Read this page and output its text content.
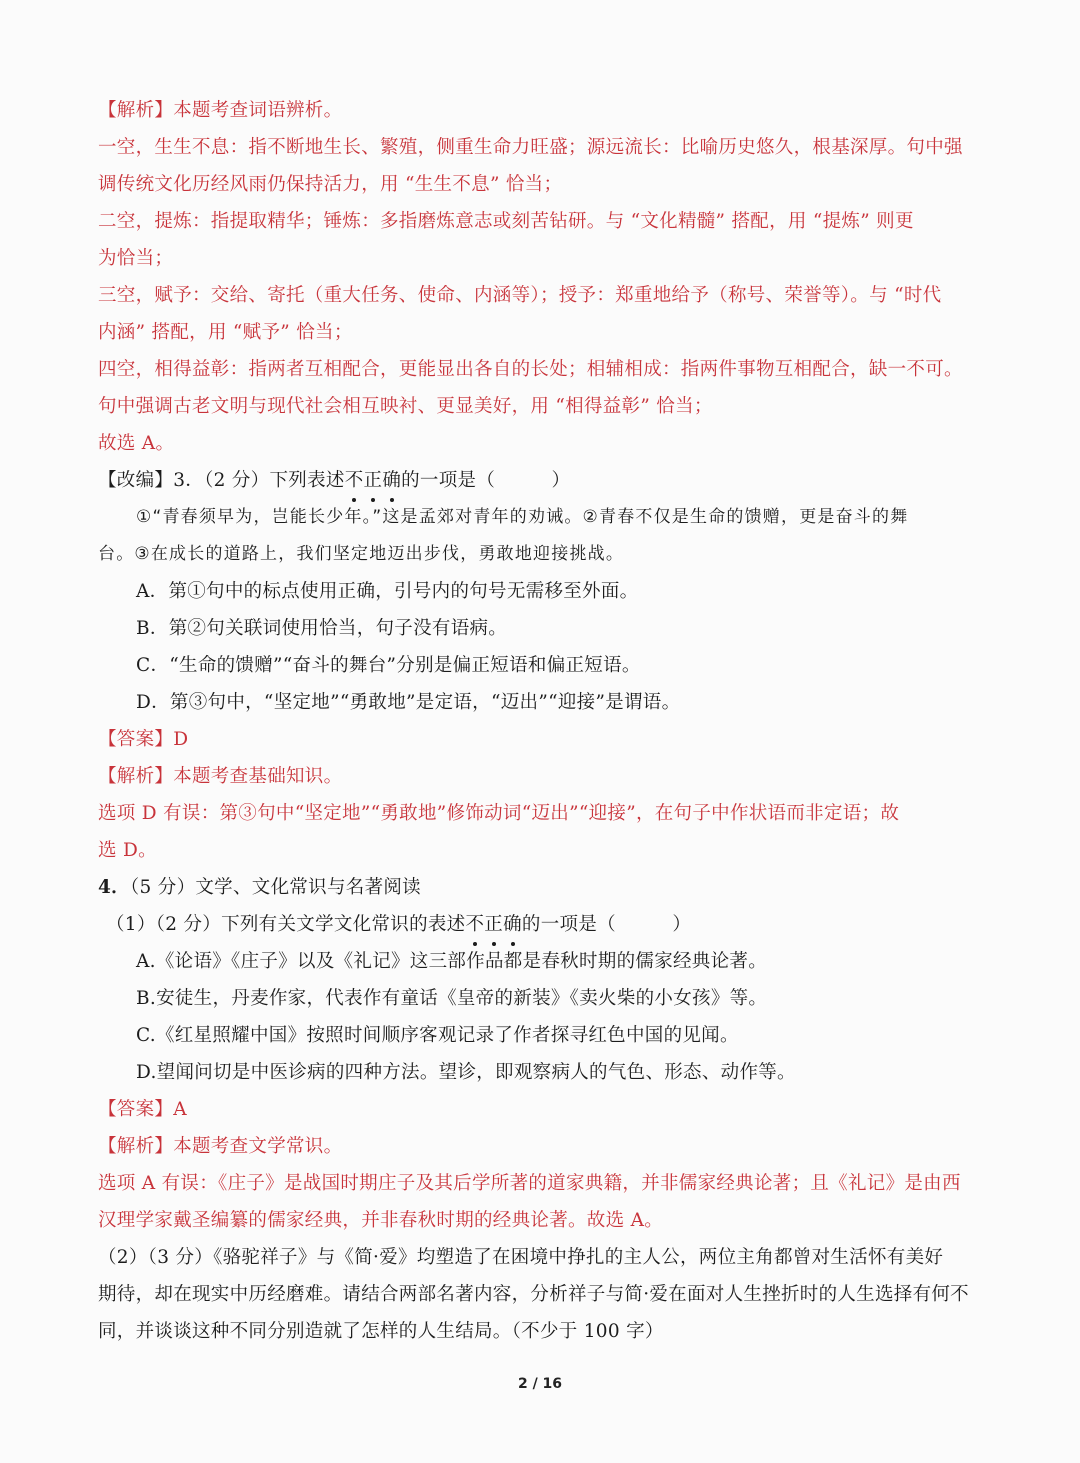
【解析】本题考查词语辨析。
一空，生生不息：指不断地生长、繁殖，侧重生命力旺盛；源远流长：比喻历史悠久，根基深厚。句中强
调传统文化历经风雨仍保持活力，用 “生生不息” 恰当；
二空，提炼：指提取精华；锤炼：多指磨炼意志或刻苦钻研。与 “文化精髓” 搭配，用 “提炼” 则更
为恰当；
三空，赋予：交给、寄托（重大任务、使命、内涵等）；授予：郑重地给予（称号、荣誉等）。与 “时代
内涵” 搭配，用 “赋予” 恰当；
四空，相得益彰：指两者互相配合，更能显出各自的长处；相辅相成：指两件事物互相配合，缺一不可。
句中强调古老文明与现代社会相互映衬、更显美好，用 “相得益彰” 恰当；
故选 A。
【改编】3．（2 分）下列表述不正确的一项是（　　　）
①“青春须早为，岂能长少年。”这是孟郊对青年的劝诫。②青春不仅是生命的馈赠，更是奋斗的舞
台。③在成长的道路上，我们坚定地迈出步伐，勇敢地迎接挑战。
A．第①句中的标点使用正确，引号内的句号无需移至外面。
B．第②句关联词使用恰当，句子没有语病。
C．“生命的馈赠”“奋斗的舞台”分别是偏正短语和偏正短语。
D．第③句中，“坚定地”“勇敢地”是定语，“迈出”“迎接”是谓语。
【答案】D
【解析】本题考查基础知识。
选项 D 有误：第③句中“坚定地”“勇敢地”修饰动词“迈出”“迎接”，在句子中作状语而非定语；故
选 D。
4．（5 分）文学、文化常识与名著阅读
（1）（2 分）下列有关文学文化常识的表述不正确的一项是（　　　）
A.《论语》《庄子》以及《礼记》这三部作品都是春秋时期的儒家经典论著。
B.安徒生，丹麦作家，代表作有童话《皇帝的新装》《卖火柴的小女孩》等。
C.《红星照耀中国》按照时间顺序客观记录了作者探寻红色中国的见闻。
D.望闻问切是中医诊病的四种方法。望诊，即观察病人的气色、形态、动作等。
【答案】A
【解析】本题考查文学常识。
选项 A 有误：《庄子》是战国时期庄子及其后学所著的道家典籍，并非儒家经典论著；且《礼记》是由西
汉理学家戴圣编纂的儒家经典，并非春秋时期的经典论著。故选 A。
（2）（3 分）《骆驼祥子》与《简·爱》均塑造了在困境中挣扎的主人公，两位主角都曾对生活怀有美好
期待，却在现实中历经磨难。请结合两部名著内容，分析祥子与简·爱在面对人生挫折时的人生选择有何不
同，并谈谈这种不同分别造就了怎样的人生结局。（不少于 100 字）
2 / 16
